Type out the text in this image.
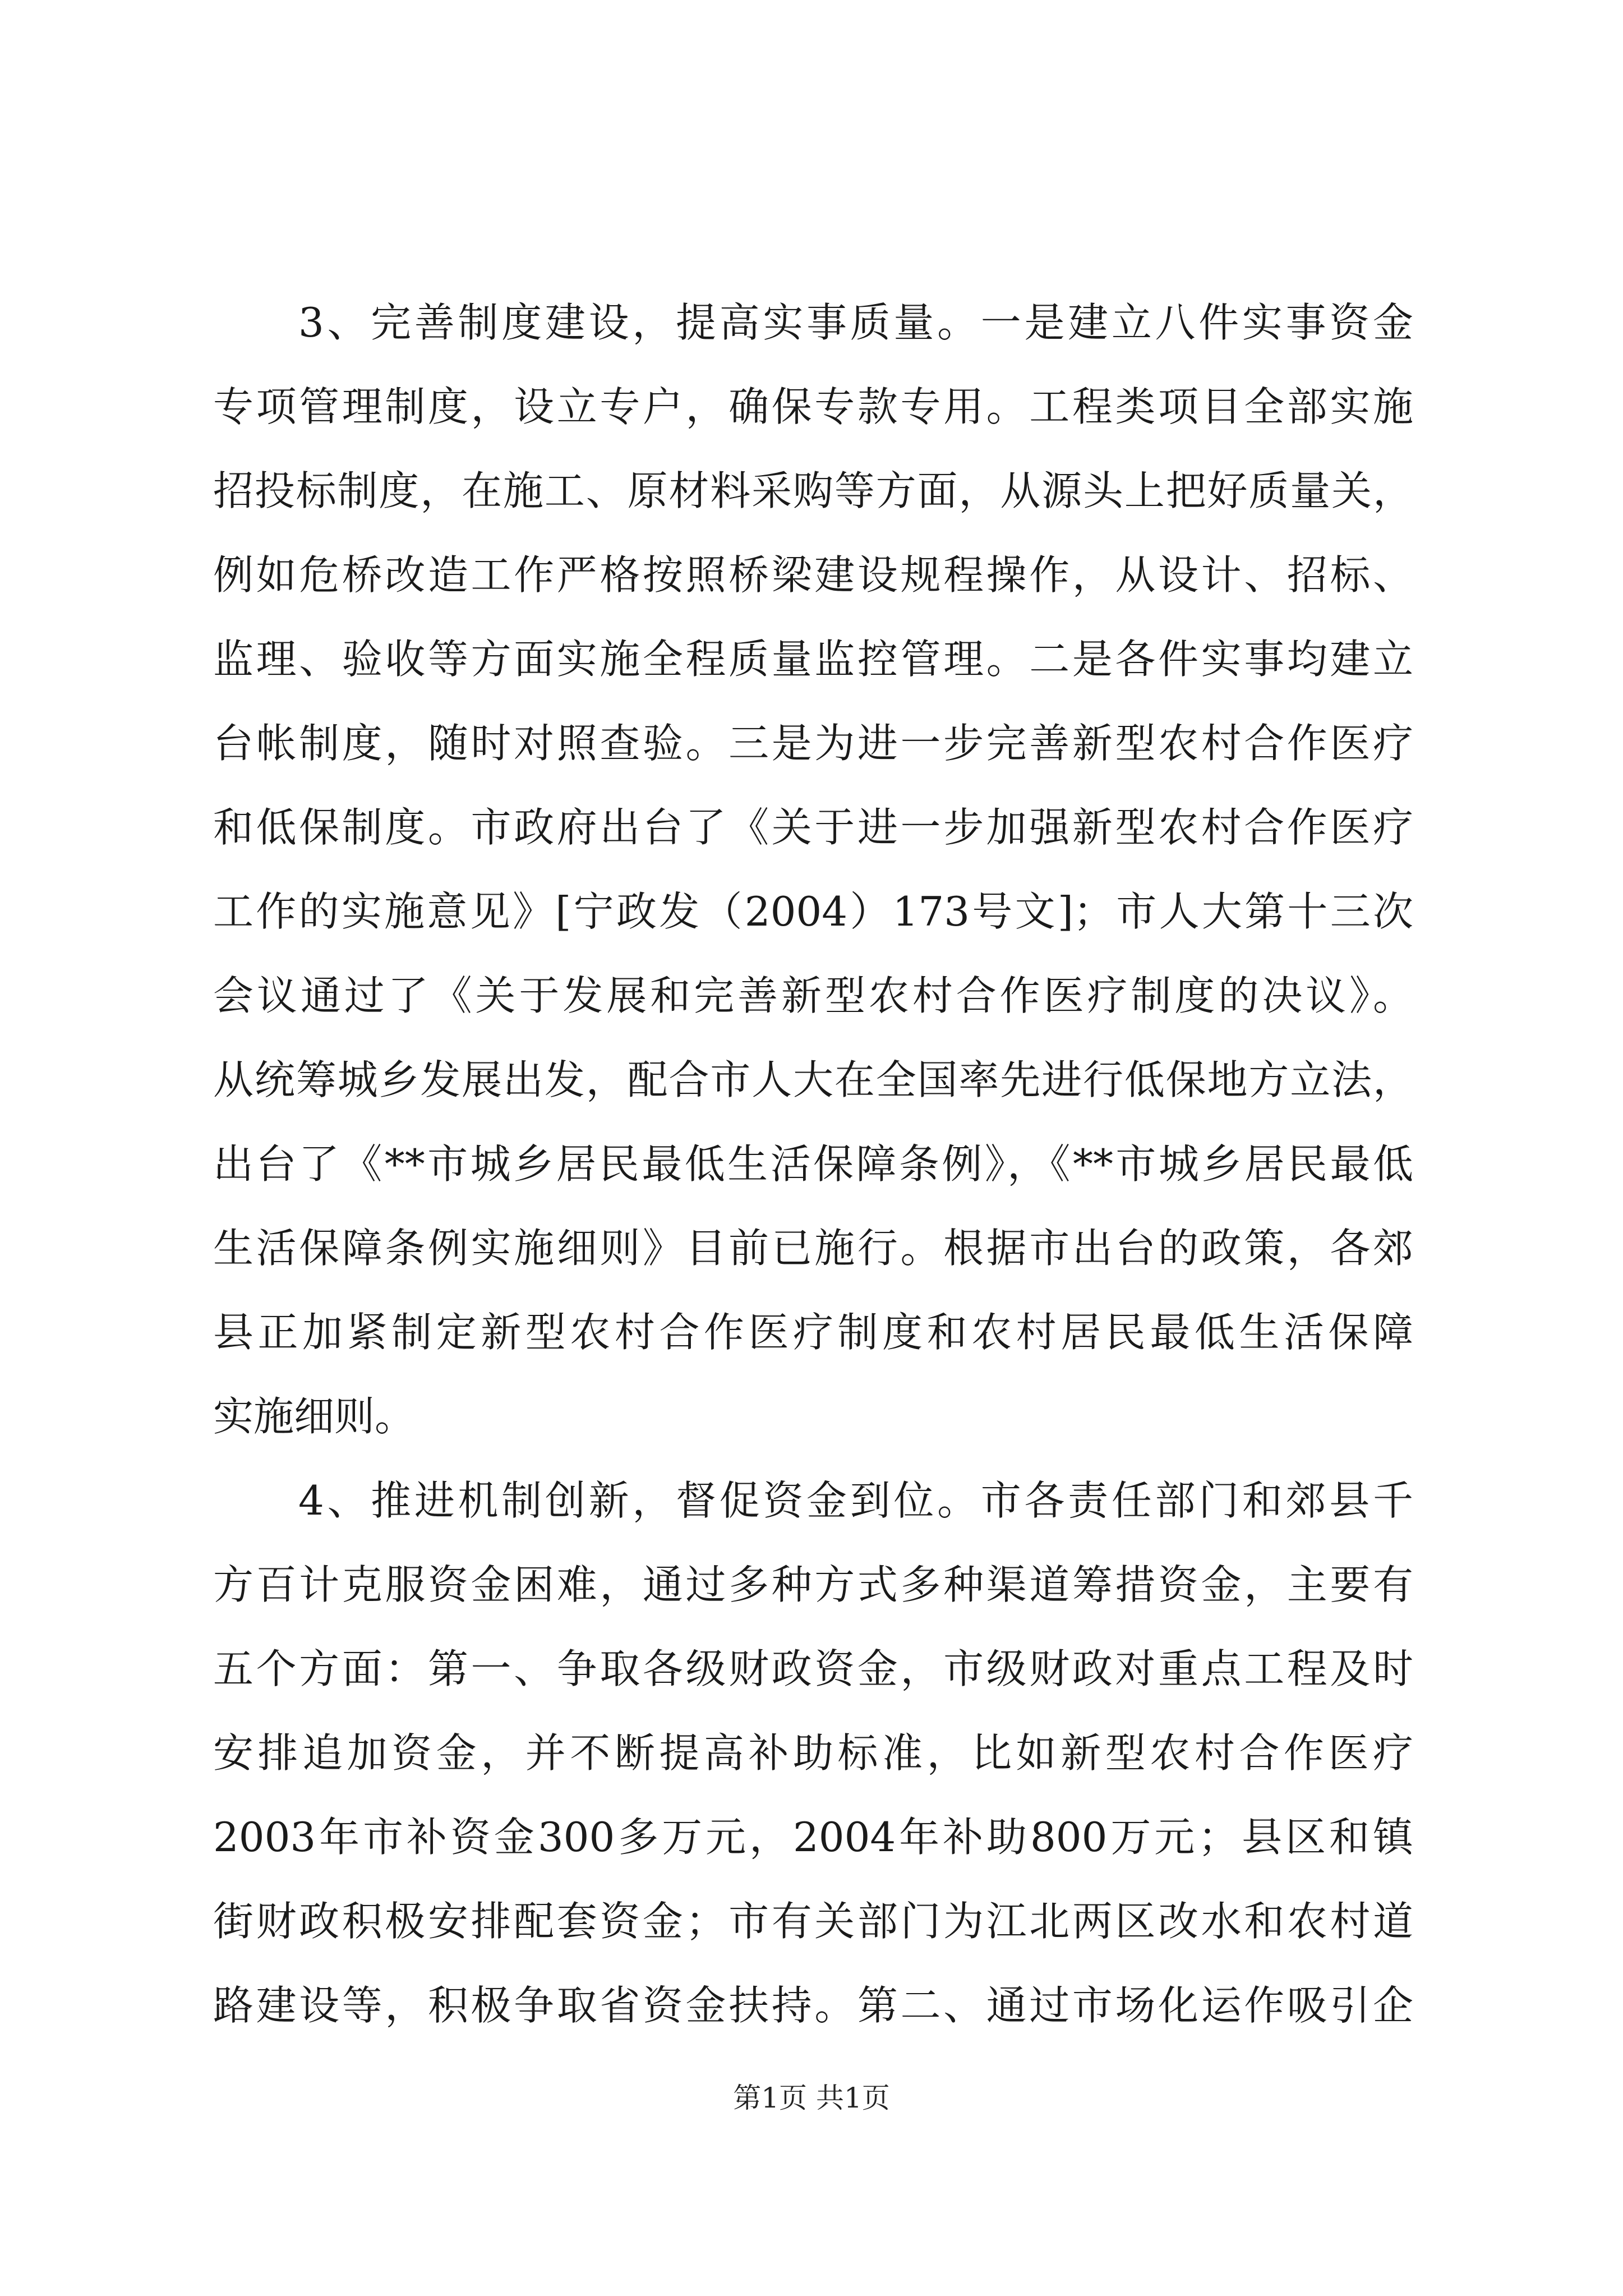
3、完善制度建设，提高实事质量。一是建立八件实事资金
专项管理制度，设立专户，确保专款专用。工程类项目全部实施
招投标制度，在施工、原材料采购等方面，从源头上把好质量关，
例如危桥改造工作严格按照桥梁建设规程操作，从设计、招标、
监理、验收等方面实施全程质量监控管理。二是各件实事均建立
台帐制度，随时对照查验。三是为进一步完善新型农村合作医疗
和低保制度。市政府出台了《关于进一步加强新型农村合作医疗
工作的实施意见》[宁政发（2004）173号文]；市人大第十三次
会议通过了《关于发展和完善新型农村合作医疗制度的决议》。
从统筹城乡发展出发，配合市人大在全国率先进行低保地方立法，
出台了《**市城乡居民最低生活保障条例》，《**市城乡居民最低
生活保障条例实施细则》目前已施行。根据市出台的政策，各郊
县正加紧制定新型农村合作医疗制度和农村居民最低生活保障
实施细则。
4、推进机制创新，督促资金到位。市各责任部门和郊县千
方百计克服资金困难，通过多种方式多种渠道筹措资金，主要有
五个方面：第一、争取各级财政资金，市级财政对重点工程及时
安排追加资金，并不断提高补助标准，比如新型农村合作医疗
2003年市补资金300多万元，2004年补助800万元；县区和镇
街财政积极安排配套资金；市有关部门为江北两区改水和农村道
路建设等，积极争取省资金扶持。第二、通过市场化运作吸引企
第1页 共1页
